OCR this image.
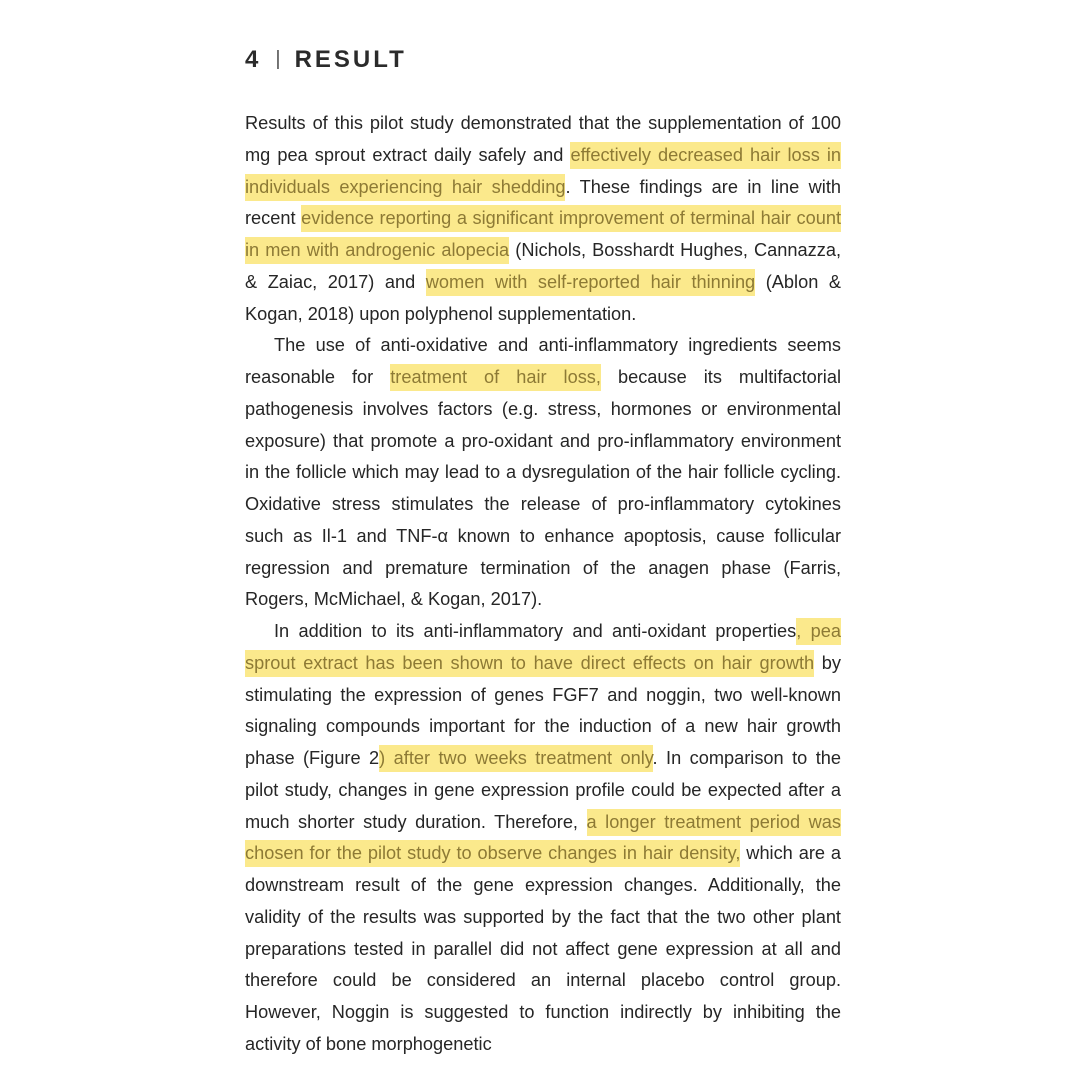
4 | RESULT

Results of this pilot study demonstrated that the supplementation of 100 mg pea sprout extract daily safely and effectively decreased hair loss in individuals experiencing hair shedding. These findings are in line with recent evidence reporting a significant improvement of terminal hair count in men with androgenic alopecia (Nichols, Bosshardt Hughes, Cannazza, & Zaiac, 2017) and women with self-reported hair thinning (Ablon & Kogan, 2018) upon polyphenol supplementation.

The use of anti-oxidative and anti-inflammatory ingredients seems reasonable for treatment of hair loss, because its multifactorial pathogenesis involves factors (e.g. stress, hormones or environmental exposure) that promote a pro-oxidant and pro-inflammatory environment in the follicle which may lead to a dysregulation of the hair follicle cycling. Oxidative stress stimulates the release of pro-inflammatory cytokines such as Il-1 and TNF-α known to enhance apoptosis, cause follicular regression and premature termination of the anagen phase (Farris, Rogers, McMichael, & Kogan, 2017).

In addition to its anti-inflammatory and anti-oxidant properties, pea sprout extract has been shown to have direct effects on hair growth by stimulating the expression of genes FGF7 and noggin, two well-known signaling compounds important for the induction of a new hair growth phase (Figure 2) after two weeks treatment only. In comparison to the pilot study, changes in gene expression profile could be expected after a much shorter study duration. Therefore, a longer treatment period was chosen for the pilot study to observe changes in hair density, which are a downstream result of the gene expression changes. Additionally, the validity of the results was supported by the fact that the two other plant preparations tested in parallel did not affect gene expression at all and therefore could be considered an internal placebo control group. However, Noggin is suggested to function indirectly by inhibiting the activity of bone morphogenetic
